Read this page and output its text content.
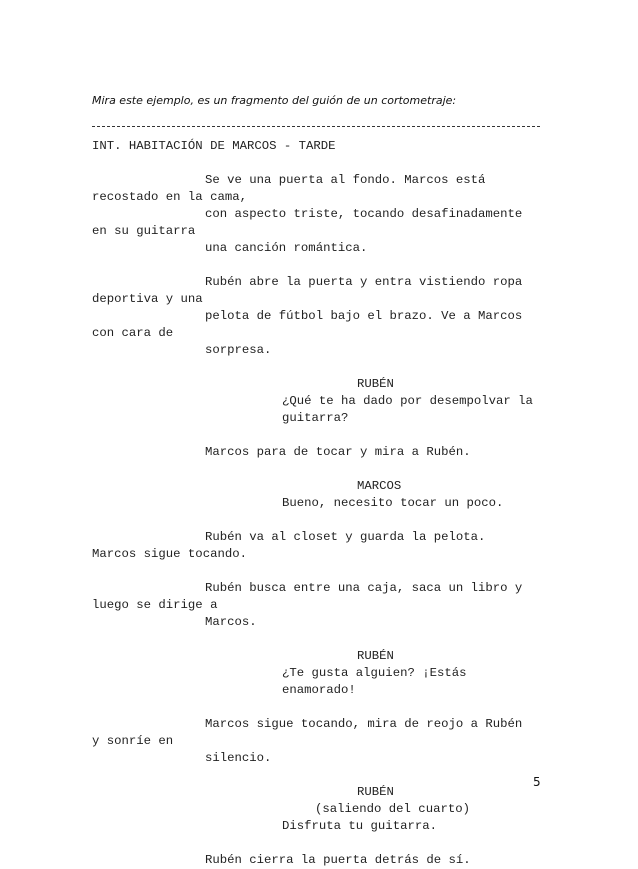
Mira este ejemplo, es un fragmento del guión de un cortometraje:
INT. HABITACIÓN DE MARCOS - TARDE
Se ve una puerta al fondo. Marcos está
recostado en la cama,
con aspecto triste, tocando desafinadamente
en su guitarra
una canción romántica.
Rubén abre la puerta y entra vistiendo ropa
deportiva y una
pelota de fútbol bajo el brazo. Ve a Marcos
con cara de
sorpresa.
RUBÉN
¿Qué te ha dado por desempolvar la
guitarra?
Marcos para de tocar y mira a Rubén.
MARCOS
Bueno, necesito tocar un poco.
Rubén va al closet y guarda la pelota.
Marcos sigue tocando.
Rubén busca entre una caja, saca un libro y
luego se dirige a
Marcos.
RUBÉN
¿Te gusta alguien? ¡Estás
enamorado!
Marcos sigue tocando, mira de reojo a Rubén
y sonríe en
silencio.
RUBÉN
(saliendo del cuarto)
Disfruta tu guitarra.
Rubén cierra la puerta detrás de sí.
5
